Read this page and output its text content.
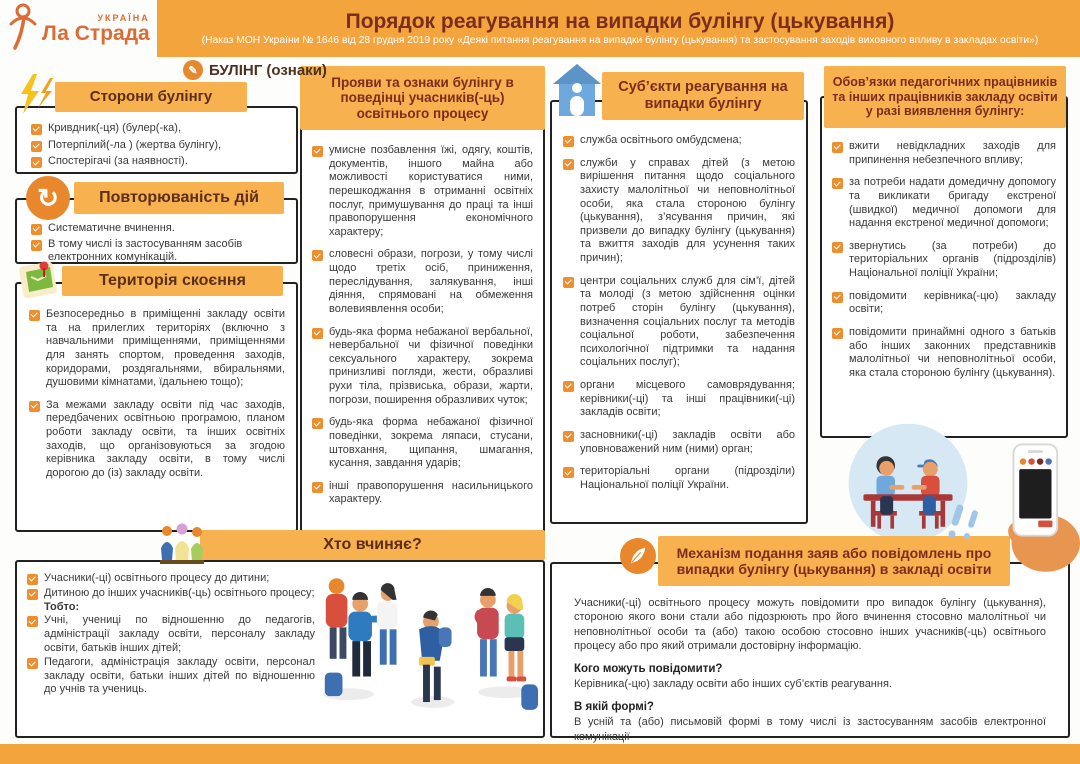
Порядок реагування на випадки булінгу (цькування)

(Наказ МОН України № 1646 від 28 грудня 2019 року «Деякі питання реагування на випадки булінгу (цькування) та застосування заходів виховного впливу в закладах освіти»)

УКРАЇНА
Ла Страда
✎ БУЛІНГ (ознаки)
Сторони булінгу

Кривдник(-ця) (булер(-ка),

Потерпілий(-ла ) (жертва булінгу),

Спостерігачі (за наявності).

↻	Повторюваність дій

Систематичне вчинення.

В тому числі із застосуванням засобів електронних комунікацій.

Територія скоєння

Безпосередньо в приміщенні закладу освіти та на прилеглих територіях (включно з навчальними приміщеннями, приміщеннями для занять спортом, проведення заходів, коридорами, роздягальнями, вбиральнями, душовими кімнатами, їдальнею тощо);

За межами закладу освіти під час заходів, передбачених освітньою програмою, планом роботи закладу освіти, та інших освітніх заходів, що організовуються за згодою керівника закладу освіти, в тому числі дорогою до (із) закладу освіти.

Прояви та ознаки булінгу в поведінці учасників(-ць) освітнього процесу

умисне позбавлення їжі, одягу, коштів, документів, іншого майна або можливості користуватися ними, перешкоджання в отриманні освітніх послуг, примушування до праці та інші правопорушення економічного характеру;

словесні образи, погрози, у тому числі щодо третіх осіб, приниження, переслідування, залякування, інші діяння, спрямовані на обмеження волевиявлення особи;

будь-яка форма небажаної вербальної, невербальної чи фізичної поведінки сексуального характеру, зокрема принизливі погляди, жести, образливі рухи тіла, прізвиська, образи, жарти, погрози, поширення образливих чуток;

будь-яка форма небажаної фізичної поведінки, зокрема ляпаси, стусани, штовхання, щипання, шмагання, кусання, завдання ударів;

інші правопорушення насильницького характеру.

Суб’єкти реагування на випадки булінгу

служба освітнього омбудсмена;

служби у справах дітей (з метою вирішення питання щодо соціального захисту малолітньої чи неповнолітньої особи, яка стала стороною булінгу (цькування), з’ясування причин, які призвели до випадку булінгу (цькування) та вжиття заходів для усунення таких причин);

центри соціальних служб для сім’ї, дітей та молоді (з метою здійснення оцінки потреб сторін булінгу (цькування), визначення соціальних послуг та методів соціальної роботи, забезпечення психологічної підтримки та надання соціальних послуг);

органи місцевого самоврядування; керівники(-ці) та інші працівники(-ці) закладів освіти;

засновники(-ці) закладів освіти або уповноважений ним (ними) орган;

територіальні органи (підрозділи) Національної поліції України.

Обов’язки педагогічних працівників та інших працівників закладу освіти у разі виявлення булінгу:

вжити невідкладних заходів для припинення небезпечного впливу;

за потреби надати домедичну допомогу та викликати бригаду екстреної (швидкої) медичної допомоги для надання екстреної медичної допомоги;

звернутись (за потреби) до територіальних органів (підрозділів) Національної поліції України;

повідомити керівника(-цю) закладу освіти;

повідомити принаймні одного з батьків або інших законних представників малолітньої чи неповнолітньої особи, яка стала стороною булінгу (цькування).

Хто вчиняє?

Учасники(-ці) освітнього процесу до дитини;

Дитиною до інших учасників(-ць) освітнього процесу;

Тобто:

Учні, учениці по відношенню до педагогів, адміністрації закладу освіти, персоналу закладу освіти, батьків інших дітей;

Педагоги, адміністрація закладу освіти, персонал закладу освіти, батьки інших дітей по відношенню до учнів та учениць.

Механізм подання заяв або повідомлень про випадки булінгу (цькування) в закладі освіти

Учасники(-ці) освітнього процесу можуть повідомити про випадок булінгу (цькування), стороною якого вони стали або підозрюють про його вчинення стосовно малолітньої чи неповнолітньої особи та (або) такою особою стосовно інших учасників(-ць) освітнього процесу або про який отримали достовірну інформацію.

Кого можуть повідомити?

Керівника(-цю) закладу освіти або інших суб’єктів реагування.

В якій формі?

В усній та (або) письмовій формі в тому числі із застосуванням засобів електронної комунікації
